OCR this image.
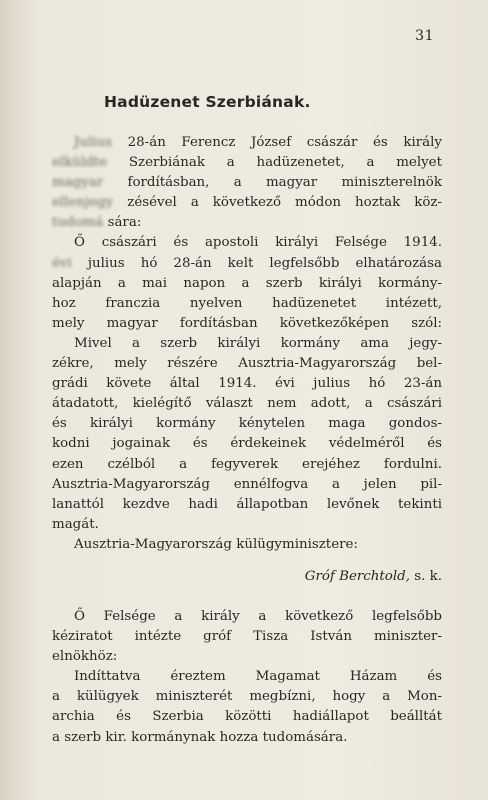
31
Hadüzenet Szerbiának.
Julius 28-án Ferencz József császár és király
elküldte Szerbiának a hadüzenetet, a melyet
magyar fordításban, a magyar miniszterelnök
ellenjegy zésével a következő módon hoztak köz-
tudomá sára:
Ő császári és apostoli királyi Felsége 1914.
évi julius hó 28-án kelt legfelsőbb elhatározása
alapján a mai napon a szerb királyi kormány-
hoz franczia nyelven hadüzenetet intézett,
mely magyar fordításban következőképen szól:
Mivel a szerb királyi kormány ama jegy-
zékre, mely részére Ausztria-Magyarország bel-
grádi követe által 1914. évi julius hó 23-án
átadatott, kielégítő választ nem adott, a császári
és királyi kormány kénytelen maga gondos-
kodni jogainak és érdekeinek védelméről és
ezen czélból a fegyverek erejéhez fordulni.
Ausztria-Magyarország ennélfogva a jelen pil-
lanattól kezdve hadi állapotban levőnek tekinti
magát.
Ausztria-Magyarország külügyminisztere:
Gróf Berchtold, s. k.
Ő Felsége a király a következő legfelsőbb
kéziratot intézte gróf Tisza István miniszter-
elnökhöz:
Indíttatva éreztem Magamat Házam és
a külügyek miniszterét megbízni, hogy a Mon-
archia és Szerbia közötti hadiállapot beálltát
a szerb kir. kormánynak hozza tudomására.
